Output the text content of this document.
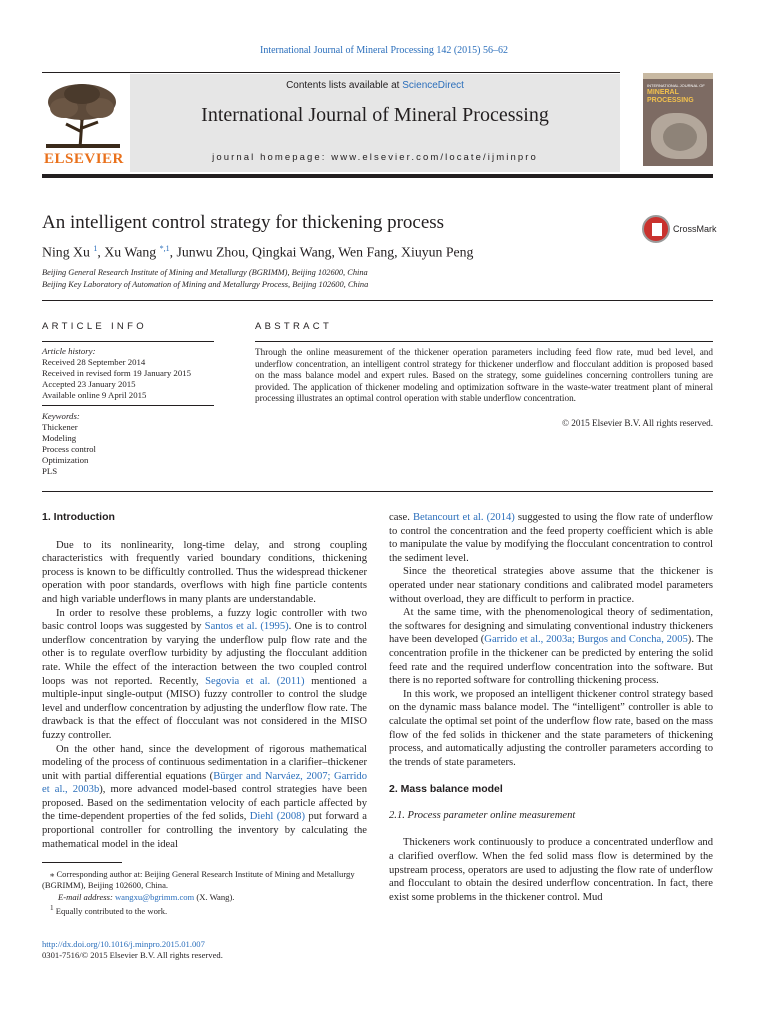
International Journal of Mineral Processing 142 (2015) 56–62
ELSEVIER
Contents lists available at ScienceDirect
International Journal of Mineral Processing
journal homepage: www.elsevier.com/locate/ijminpro
INTERNATIONAL JOURNAL OF
MINERAL
PROCESSING
An intelligent control strategy for thickening process	CrossMark
Ning Xu $^1$, Xu Wang $^{*,1}$, Junwu Zhou, Qingkai Wang, Wen Fang, Xiuyun Peng
Beijing General Research Institute of Mining and Metallurgy (BGRIMM), Beijing 102600, China
Beijing Key Laboratory of Automation of Mining and Metallurgy Process, Beijing 102600, China
ARTICLE INFO
Article history:
Received 28 September 2014
Received in revised form 19 January 2015
Accepted 23 January 2015
Available online 9 April 2015
Keywords:
Thickener
Modeling
Process control
Optimization
PLS
ABSTRACT
Through the online measurement of the thickener operation parameters including feed flow rate, mud bed level, and underflow concentration, an intelligent control strategy for thickener underflow and flocculant addition is proposed based on the mass balance model and expert rules. Based on the strategy, some guidelines concerning controllers tuning are provided. The application of thickener modeling and optimization software in the waste-water treatment plant of mineral processing illustrates an optimal control operation with stable underflow concentration.
© 2015 Elsevier B.V. All rights reserved.
1. Introduction

Due to its nonlinearity, long-time delay, and strong coupling characteristics with frequently varied boundary conditions, thickening process is known to be difficultly controlled. Thus the widespread thickener operation with poor standards, overflows with high fine particle contents and high variable underflows in many plants are understandable.

In order to resolve these problems, a fuzzy logic controller with two basic control loops was suggested by Santos et al. (1995). One is to control underflow concentration by varying the underflow pulp flow rate and the other is to regulate overflow turbidity by adjusting the flocculant addition rate. While the effect of the interaction between the two coupled control loops was not reported. Recently, Segovia et al. (2011) mentioned a multiple-input single-output (MISO) fuzzy controller to control the sludge level and underflow concentration by adjusting the underflow flow rate. The drawback is that the effect of flocculant was not considered in the MISO fuzzy controller.

On the other hand, since the development of rigorous mathematical modeling of the process of continuous sedimentation in a clarifier–thickener unit with partial differential equations (Bürger and Narváez, 2007; Garrido et al., 2003b), more advanced model-based control strategies have been proposed. Based on the sedimentation velocity of each particle affected by the time-dependent properties of the fed solids, Diehl (2008) put forward a proportional controller for controlling the inventory by calculating the mathematical model in the ideal

case. Betancourt et al. (2014) suggested to using the flow rate of underflow to control the concentration and the feed property coefficient which is able to manipulate the value by modifying the flocculant concentration to control the sediment level.

Since the theoretical strategies above assume that the thickener is operated under near stationary conditions and calibrated model parameters without overload, they are difficult to perform in practice.

At the same time, with the phenomenological theory of sedimentation, the softwares for designing and simulating conventional industry thickeners have been developed (Garrido et al., 2003a; Burgos and Concha, 2005). The concentration profile in the thickener can be predicted by entering the solid feed rate and the required underflow concentration into the software. But there is no reported software for controlling thickening process.

In this work, we proposed an intelligent thickener control strategy based on the dynamic mass balance model. The “intelligent” controller is able to calculate the optimal set point of the underflow flow rate, based on the mass flow of the fed solids in thickener and the state parameters of thickening process, and automatically adjusting the controller parameters according to the trends of state parameters.

2. Mass balance model
2.1. Process parameter online measurement

Thickeners work continuously to produce a concentrated underflow and a clarified overflow. When the fed solid mass flow is determined by the upstream process, operators are used to adjusting the flow rate of underflow and flocculant to obtain the desired underflow concentration. In fact, there exist some problems in the thickener control. Mud

⁎ Corresponding author at: Beijing General Research Institute of Mining and Metallurgy (BGRIMM), Beijing 102600, China.
E-mail address: wangxu@bgrimm.com (X. Wang).
$^1$ Equally contributed to the work.
http://dx.doi.org/10.1016/j.minpro.2015.01.007
0301-7516/© 2015 Elsevier B.V. All rights reserved.
